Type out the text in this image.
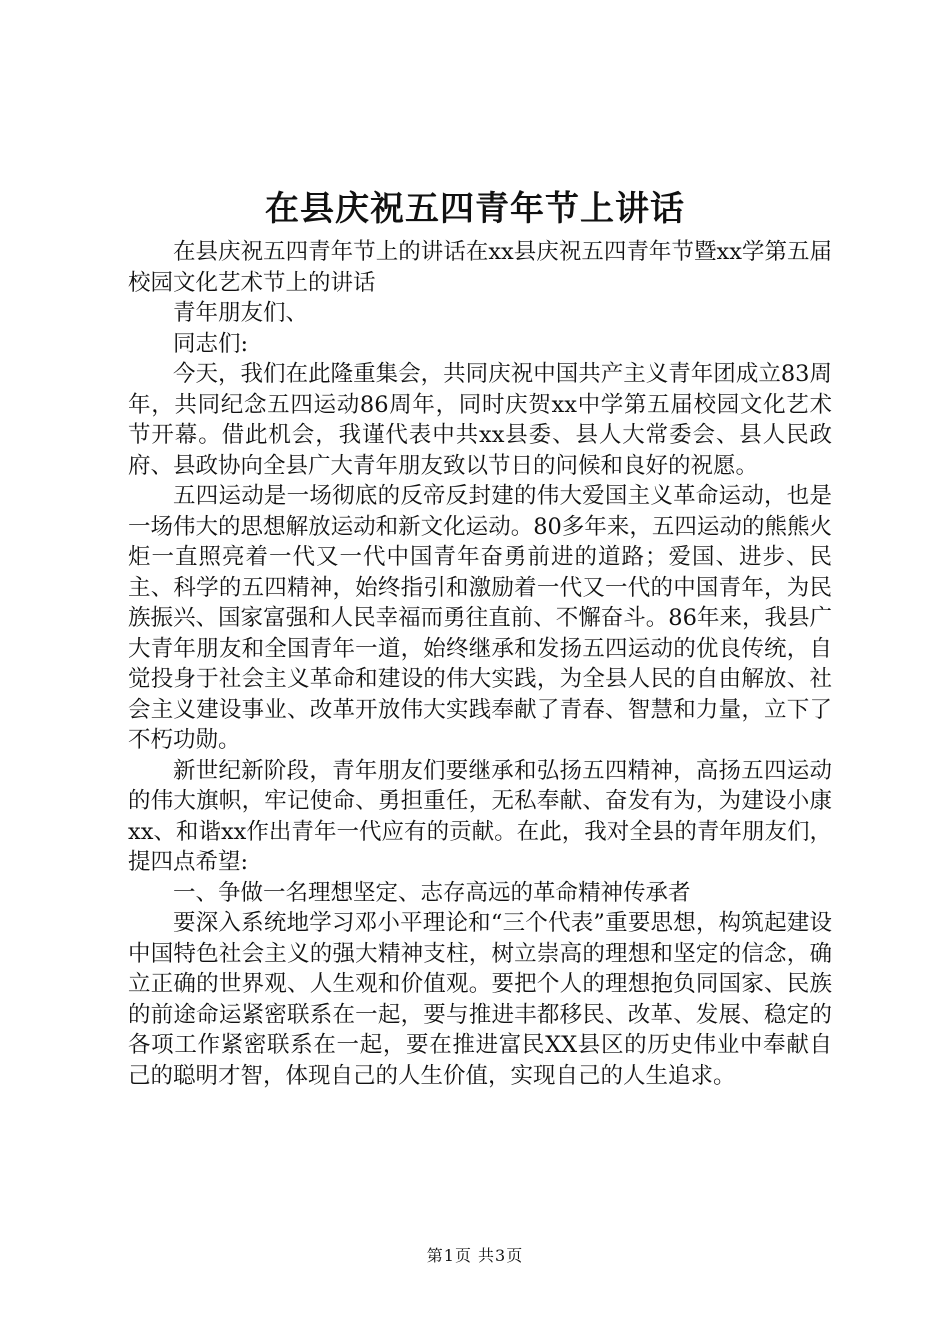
在县庆祝五四青年节上讲话

在县庆祝五四青年节上的讲话在xx县庆祝五四青年节暨xx学第五届校园文化艺术节上的讲话

青年朋友们、

同志们:

今天，我们在此隆重集会，共同庆祝中国共产主义青年团成立83周年，共同纪念五四运动86周年，同时庆贺xx中学第五届校园文化艺术节开幕。借此机会，我谨代表中共xx县委、县人大常委会、县人民政府、县政协向全县广大青年朋友致以节日的问候和良好的祝愿。

五四运动是一场彻底的反帝反封建的伟大爱国主义革命运动，也是一场伟大的思想解放运动和新文化运动。80多年来，五四运动的熊熊火炬一直照亮着一代又一代中国青年奋勇前进的道路；爱国、进步、民主、科学的五四精神，始终指引和激励着一代又一代的中国青年，为民族振兴、国家富强和人民幸福而勇往直前、不懈奋斗。86年来，我县广大青年朋友和全国青年一道，始终继承和发扬五四运动的优良传统，自觉投身于社会主义革命和建设的伟大实践，为全县人民的自由解放、社会主义建设事业、改革开放伟大实践奉献了青春、智慧和力量，立下了不朽功勋。

新世纪新阶段，青年朋友们要继承和弘扬五四精神，高扬五四运动的伟大旗帜，牢记使命、勇担重任，无私奉献、奋发有为，为建设小康xx、和谐xx作出青年一代应有的贡献。在此，我对全县的青年朋友们，提四点希望:

一、争做一名理想坚定、志存高远的革命精神传承者

要深入系统地学习邓小平理论和“三个代表”重要思想，构筑起建设中国特色社会主义的强大精神支柱，树立崇高的理想和坚定的信念，确立正确的世界观、人生观和价值观。要把个人的理想抱负同国家、民族的前途命运紧密联系在一起，要与推进丰都移民、改革、发展、稳定的各项工作紧密联系在一起，要在推进富民XX县区的历史伟业中奉献自己的聪明才智，体现自己的人生价值，实现自己的人生追求。

第1页 共3页
